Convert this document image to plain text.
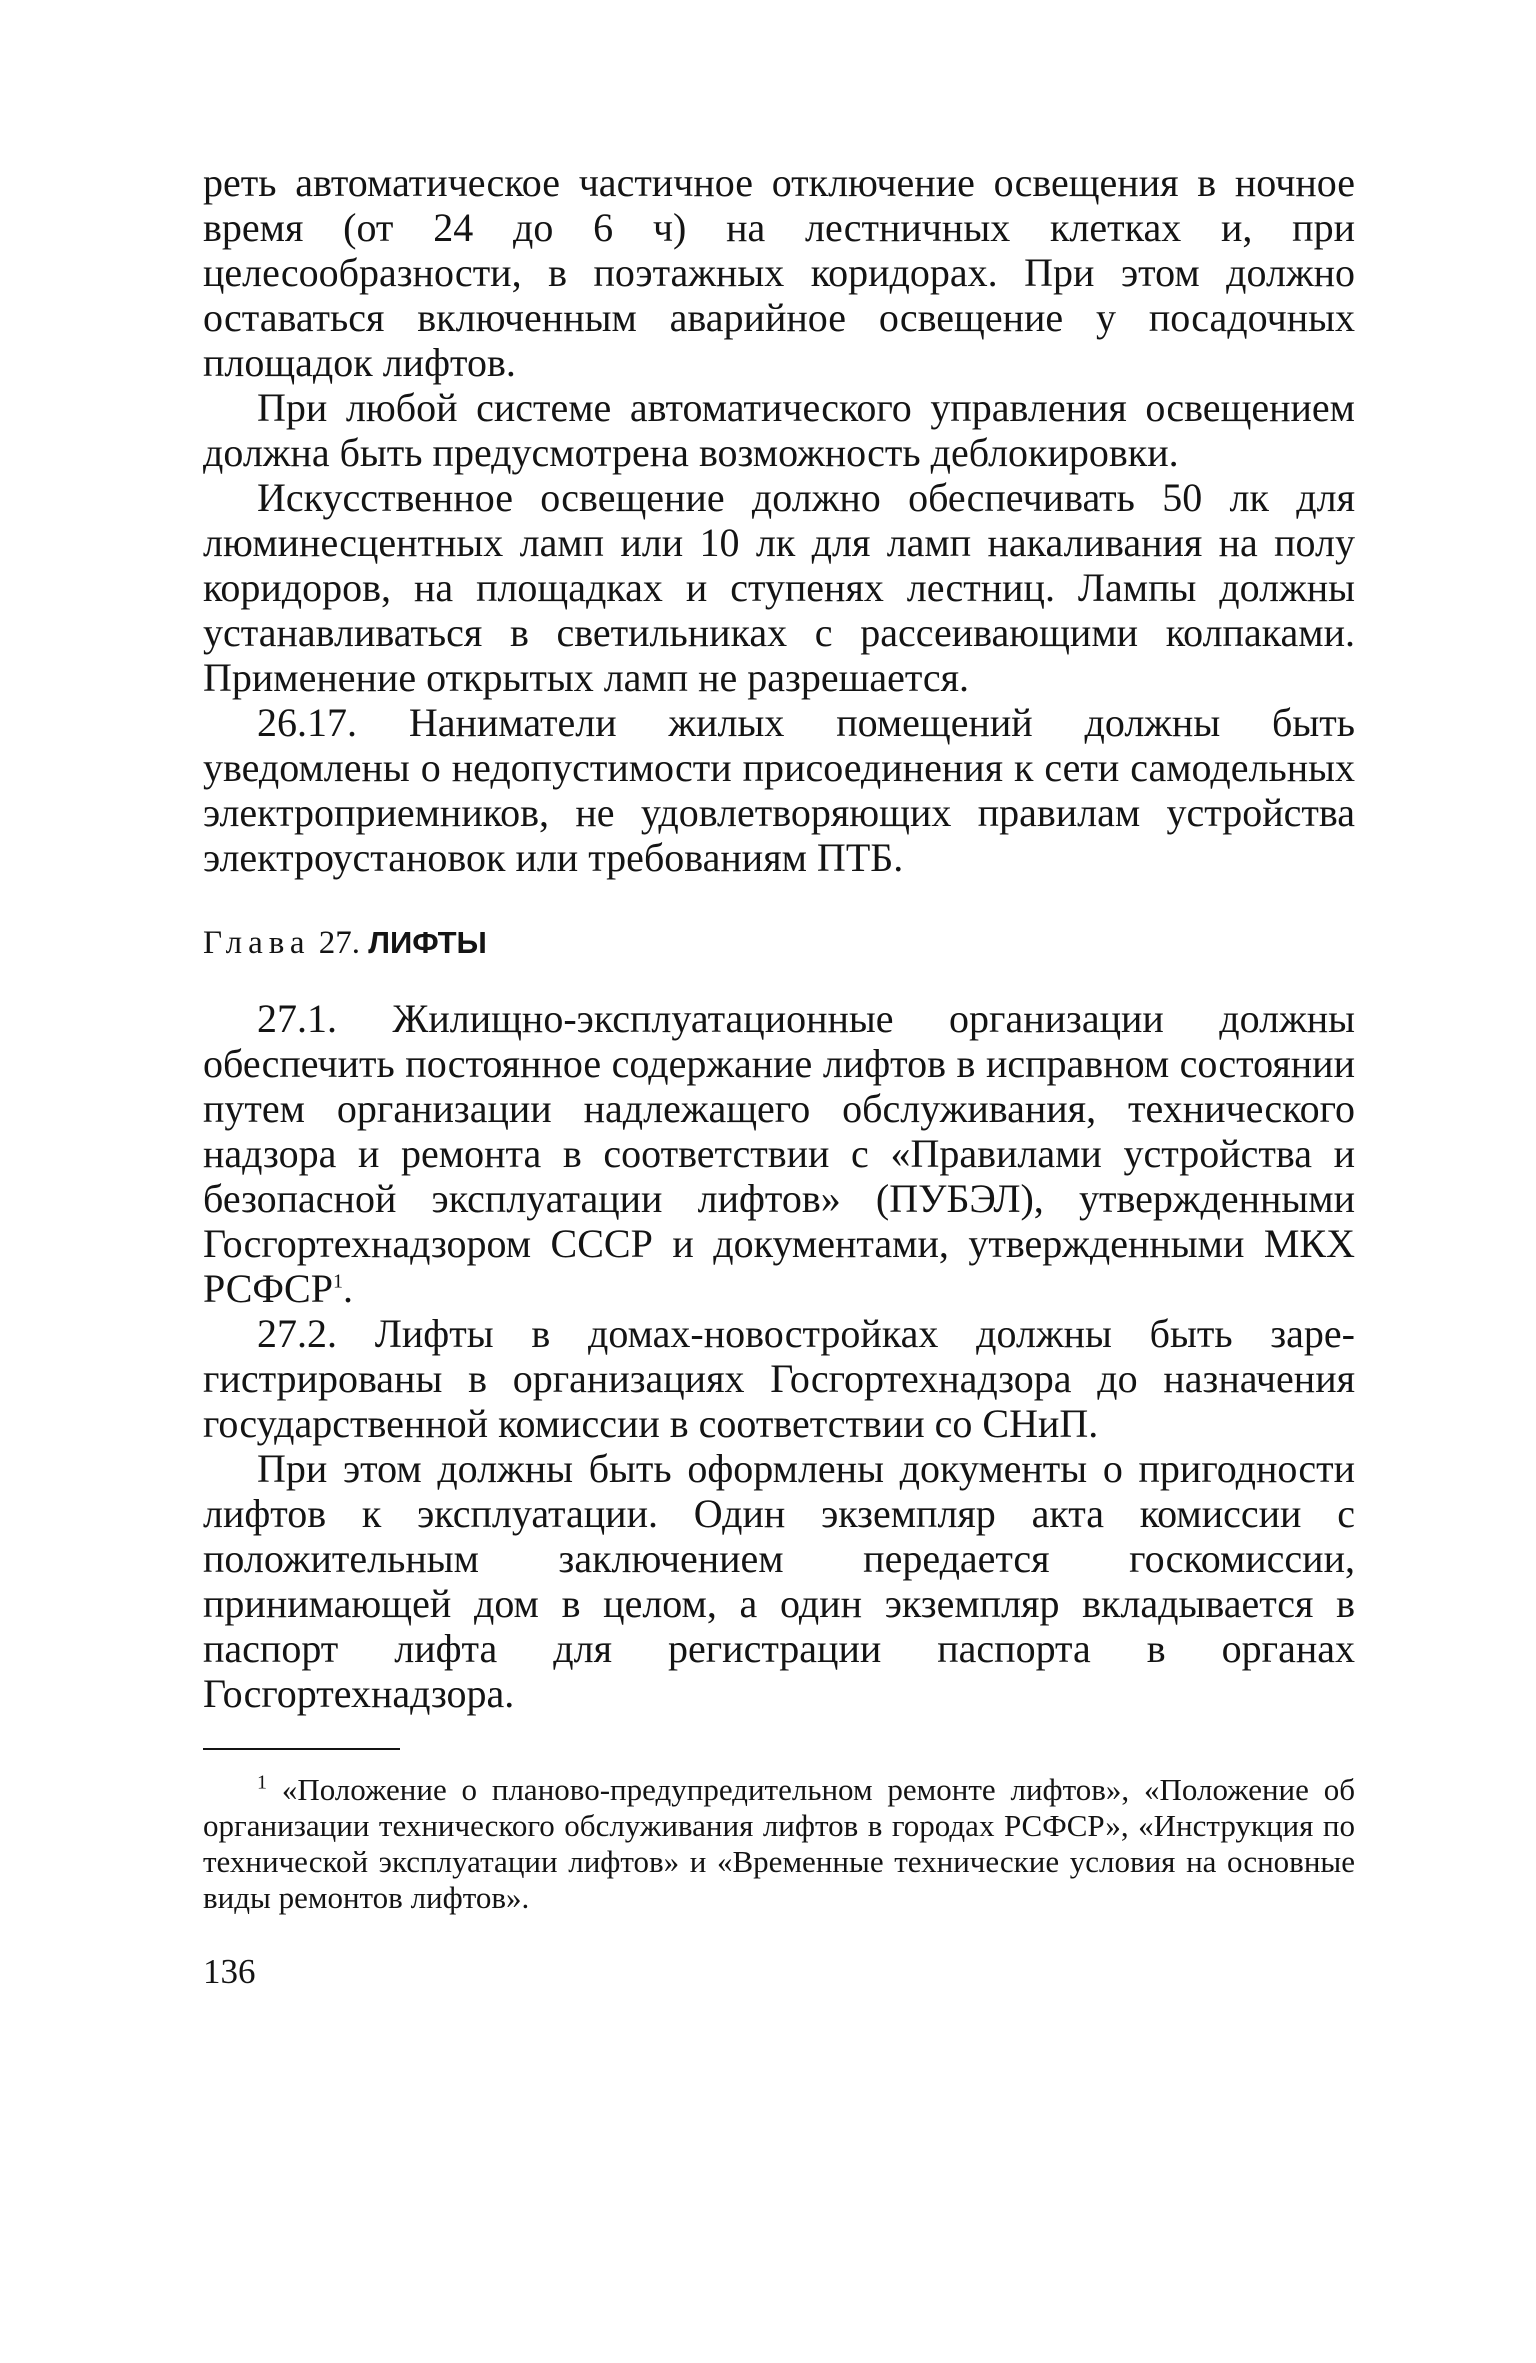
реть автоматическое частичное отключение освещения в ночное время (от 24 до 6 ч) на лестничных клетках и, при целесообразности, в поэтажных коридорах. При этом должно оставаться включенным аварийное освещение у посадочных площадок лифтов.

При любой системе автоматического управления освещением должна быть предусмотрена возможность деблокировки.

Искусственное освещение должно обеспечивать 50 лк для люминесцентных ламп или 10 лк для ламп накаливания на полу коридоров, на площадках и ступенях лестниц. Лампы должны устанавливаться в светильниках с рассеивающими колпаками. Применение открытых ламп не разрешается.

26.17. Наниматели жилых помещений должны быть уведомлены о недопустимости присоединения к сети самодельных электроприемников, не удовлетворяющих правилам устройства электроустановок или требованиям ПТБ.

Глава 27. ЛИФТЫ

27.1. Жилищно-эксплуатационные организации должны обеспечить постоянное содержание лифтов в исправном состоянии путем организации надлежащего обслуживания, технического надзора и ремонта в соответствии с «Правилами устройства и безопасной эксплуатации лифтов» (ПУБЭЛ), утвержденными Госгортехнадзором СССР и документами, утвержденными МКХ РСФСР$^1$.

27.2. Лифты в домах-новостройках должны быть зарегистрированы в организациях Госгортехнадзора до назначения государственной комиссии в соответствии со СНиП.

При этом должны быть оформлены документы о пригодности лифтов к эксплуатации. Один экземпляр акта комиссии с положительным заключением передается госкомиссии, принимающей дом в целом, а один экземпляр вкладывается в паспорт лифта для регистрации паспорта в органах Госгортехнадзора.

$^1$ «Положение о планово-предупредительном ремонте лифтов», «Положение об организации технического обслуживания лифтов в городах РСФСР», «Инструкция по технической эксплуатации лифтов» и «Временные технические условия на основные виды ремонтов лифтов».

136
